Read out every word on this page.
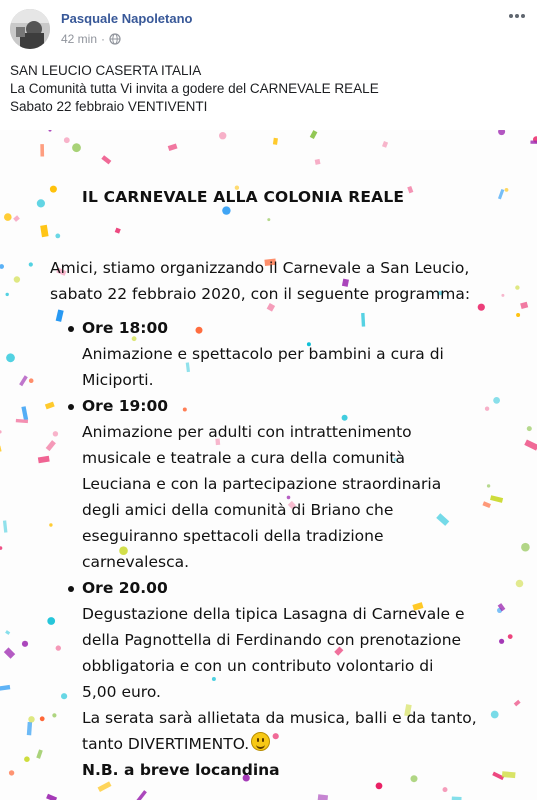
Pasquale Napoletano
42 min ·
SAN LEUCIO CASERTA ITALIA
La Comunità tutta Vi invita a godere del CARNEVALE REALE
Sabato 22 febbraio VENTIVENTI
IL CARNEVALE ALLA COLONIA REALE
Amici, stiamo organizzando il Carnevale a San Leucio,
sabato 22 febbraio 2020, con il seguente programma:
Ore 18:00
Animazione e spettacolo per bambini a cura di
Miciporti.
Ore 19:00
Animazione per adulti con intrattenimento
musicale e teatrale a cura della comunità
Leuciana e con la partecipazione straordinaria
degli amici della comunità di Briano che
eseguiranno spettacoli della tradizione
carnevalesca.
Ore 20.00
Degustazione della tipica Lasagna di Carnevale e
della Pagnottella di Ferdinando con prenotazione
obbligatoria e con un contributo volontario di
5,00 euro.
La serata sarà allietata da musica, balli e da tanto,
tanto DIVERTIMENTO.
N.B. a breve locandina
